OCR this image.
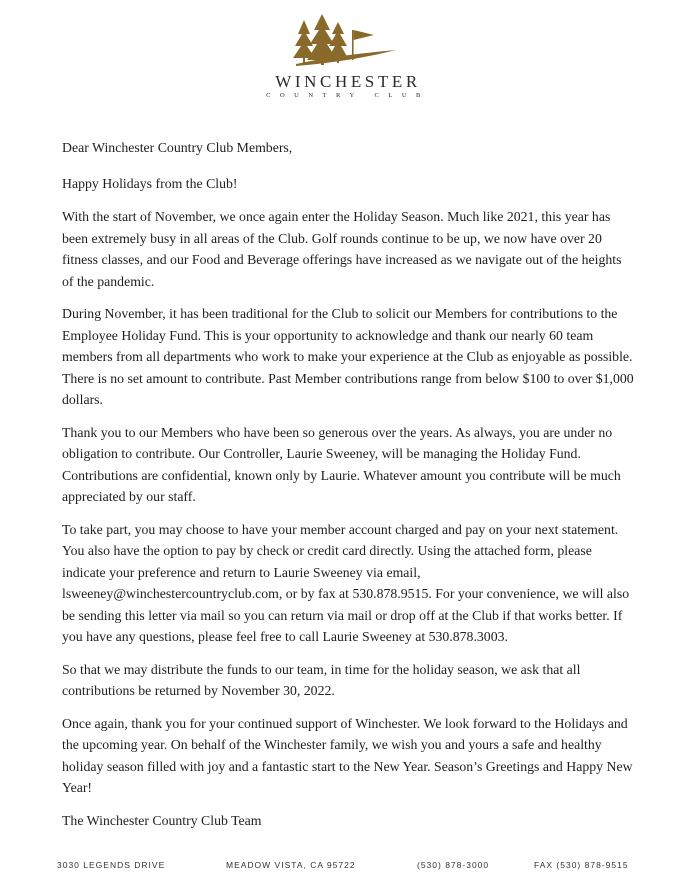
WINCHESTER
COUNTRY CLUB

Dear Winchester Country Club Members,

Happy Holidays from the Club!

With the start of November, we once again enter the Holiday Season. Much like 2021, this year has been extremely busy in all areas of the Club. Golf rounds continue to be up, we now have over 20 fitness classes, and our Food and Beverage offerings have increased as we navigate out of the heights of the pandemic.

During November, it has been traditional for the Club to solicit our Members for contributions to the Employee Holiday Fund. This is your opportunity to acknowledge and thank our nearly 60 team members from all departments who work to make your experience at the Club as enjoyable as possible. There is no set amount to contribute. Past Member contributions range from below $100 to over $1,000 dollars.

Thank you to our Members who have been so generous over the years. As always, you are under no obligation to contribute. Our Controller, Laurie Sweeney, will be managing the Holiday Fund. Contributions are confidential, known only by Laurie. Whatever amount you contribute will be much appreciated by our staff.

To take part, you may choose to have your member account charged and pay on your next statement. You also have the option to pay by check or credit card directly. Using the attached form, please indicate your preference and return to Laurie Sweeney via email, lsweeney@winchestercountryclub.com, or by fax at 530.878.9515. For your convenience, we will also be sending this letter via mail so you can return via mail or drop off at the Club if that works better. If you have any questions, please feel free to call Laurie Sweeney at 530.878.3003.

So that we may distribute the funds to our team, in time for the holiday season, we ask that all contributions be returned by November 30, 2022.

Once again, thank you for your continued support of Winchester. We look forward to the Holidays and the upcoming year. On behalf of the Winchester family, we wish you and yours a safe and healthy holiday season filled with joy and a fantastic start to the New Year. Season’s Greetings and Happy New Year!

The Winchester Country Club Team
3030 LEGENDS DRIVE	MEADOW VISTA, CA 95722	(530) 878-3000	FAX (530) 878-9515
